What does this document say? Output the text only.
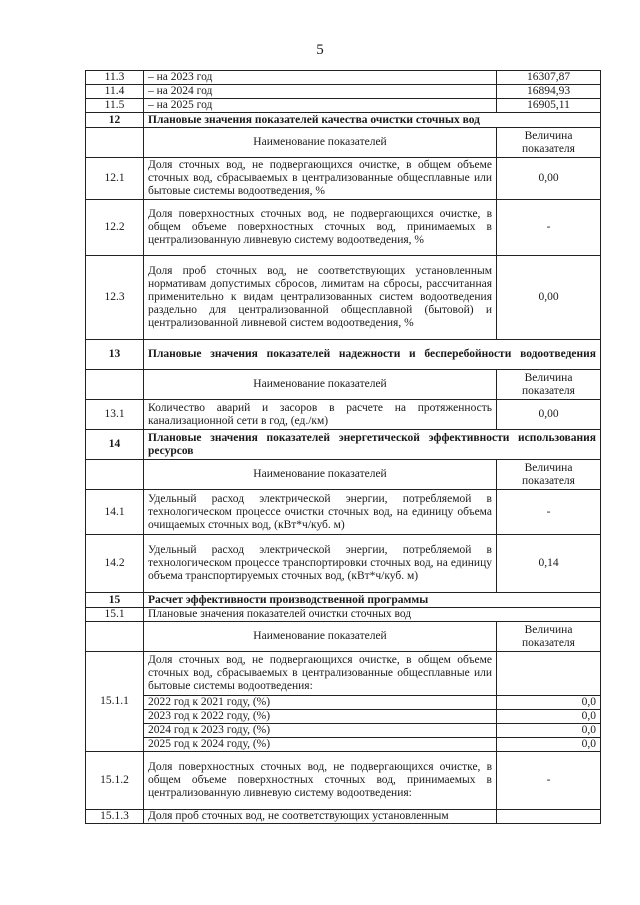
5
11.3	– на 2023 год	16307,87
11.4	– на 2024 год	16894,93
11.5	– на 2025 год	16905,11
12	Плановые значения показателей качества очистки сточных вод	
	Наименование показателей	Величина показателя
12.1	Доля сточных вод, не подвергающихся очистке, в общем объеме сточных вод, сбрасываемых в централизованные общесплавные или бытовые системы водоотведения, %	0,00
12.2	Доля поверхностных сточных вод, не подвергающихся очистке, в общем объеме поверхностных сточных вод, принимаемых в централизованную ливневую систему водоотведения, %	-
12.3	Доля проб сточных вод, не соответствующих установленным нормативам допустимых сбросов, лимитам на сбросы, рассчитанная применительно к видам централизованных систем водоотведения раздельно для централизованной общесплавной (бытовой) и централизованной ливневой систем водоотведения, %	0,00
13	Плановые значения показателей надежности и бесперебойности водоотведения	
	Наименование показателей	Величина показателя
13.1	Количество аварий и засоров в расчете на протяженность канализационной сети в год, (ед./км)	0,00
14	Плановые значения показателей энергетической эффективности использования ресурсов	
	Наименование показателей	Величина показателя
14.1	Удельный расход электрической энергии, потребляемой в технологическом процессе очистки сточных вод, на единицу объема очищаемых сточных вод, (кВт*ч/куб. м)	-
14.2	Удельный расход электрической энергии, потребляемой в технологическом процессе транспортировки сточных вод, на единицу объема транспортируемых сточных вод, (кВт*ч/куб. м)	0,14
15	Расчет эффективности производственной программы	
15.1	Плановые значения показателей очистки сточных вод	
	Наименование показателей	Величина показателя
15.1.1	Доля сточных вод, не подвергающихся очистке, в общем объеме сточных вод, сбрасываемых в централизованные общесплавные или бытовые системы водоотведения:	
	2022 год к 2021 году, (%)	0,0
	2023 год к 2022 году, (%)	0,0
	2024 год к 2023 году, (%)	0,0
	2025 год к 2024 году, (%)	0,0
15.1.2	Доля поверхностных сточных вод, не подвергающихся очистке, в общем объеме поверхностных сточных вод, принимаемых в централизованную ливневую систему водоотведения:	-
15.1.3	Доля проб сточных вод, не соответствующих установленным	
